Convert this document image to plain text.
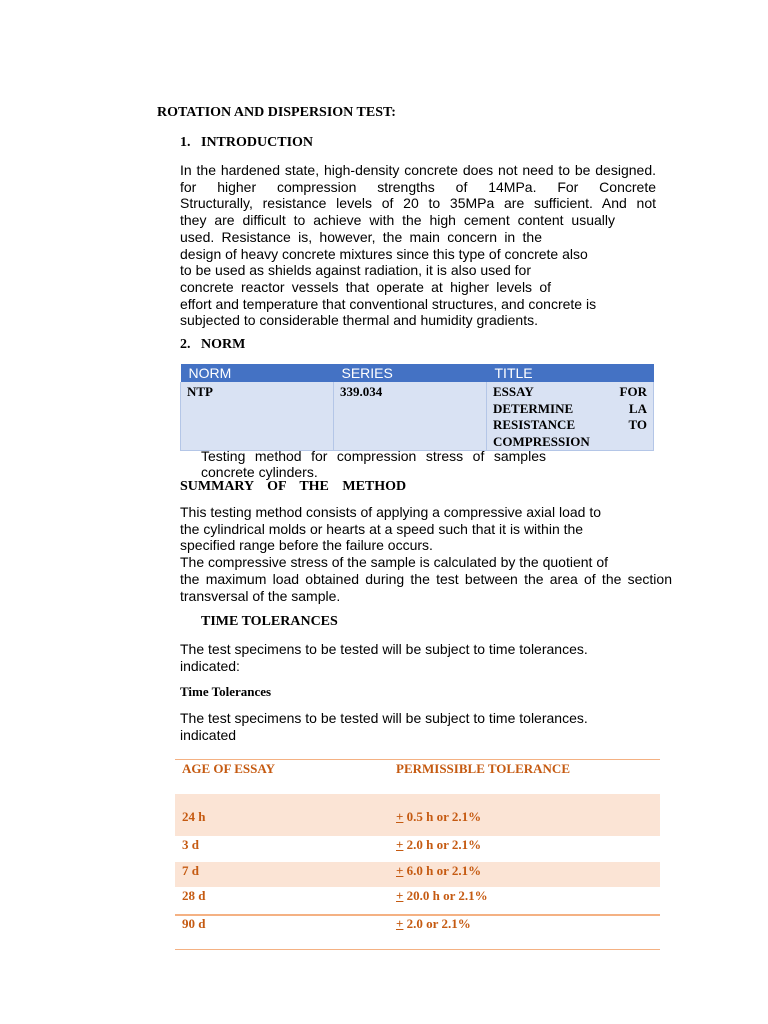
ROTATION AND DISPERSION TEST:
1. INTRODUCTION
In the hardened state, high-density concrete does not need to be designed.
for higher compression strengths of 14MPa. For Concrete
Structurally, resistance levels of 20 to 35MPa are sufficient. And not
they are difficult to achieve with the high cement content usually
used. Resistance is, however, the main concern in the
design of heavy concrete mixtures since this type of concrete also
to be used as shields against radiation, it is also used for
concrete reactor vessels that operate at higher levels of
effort and temperature that conventional structures, and concrete is
subjected to considerable thermal and humidity gradients.
2. NORM
NORM	SERIES	TITLE
NTP	339.034	ESSAY FOR
DETERMINE LA
RESISTANCE TO
COMPRESSION
Testing method for compression stress of samples
concrete cylinders.
SUMMARY OF THE METHOD
This testing method consists of applying a compressive axial load to
the cylindrical molds or hearts at a speed such that it is within the
specified range before the failure occurs.
The compressive stress of the sample is calculated by the quotient of
the maximum load obtained during the test between the area of the section
transversal of the sample.
TIME TOLERANCES
The test specimens to be tested will be subject to time tolerances.
indicated:
Time Tolerances
The test specimens to be tested will be subject to time tolerances.
indicated
AGE OF ESSAY	PERMISSIBLE TOLERANCE
24 h	+ 0.5 h or 2.1%
3 d	+ 2.0 h or 2.1%
7 d	+ 6.0 h or 2.1%
28 d	+ 20.0 h or 2.1%
90 d	+ 2.0 or 2.1%
